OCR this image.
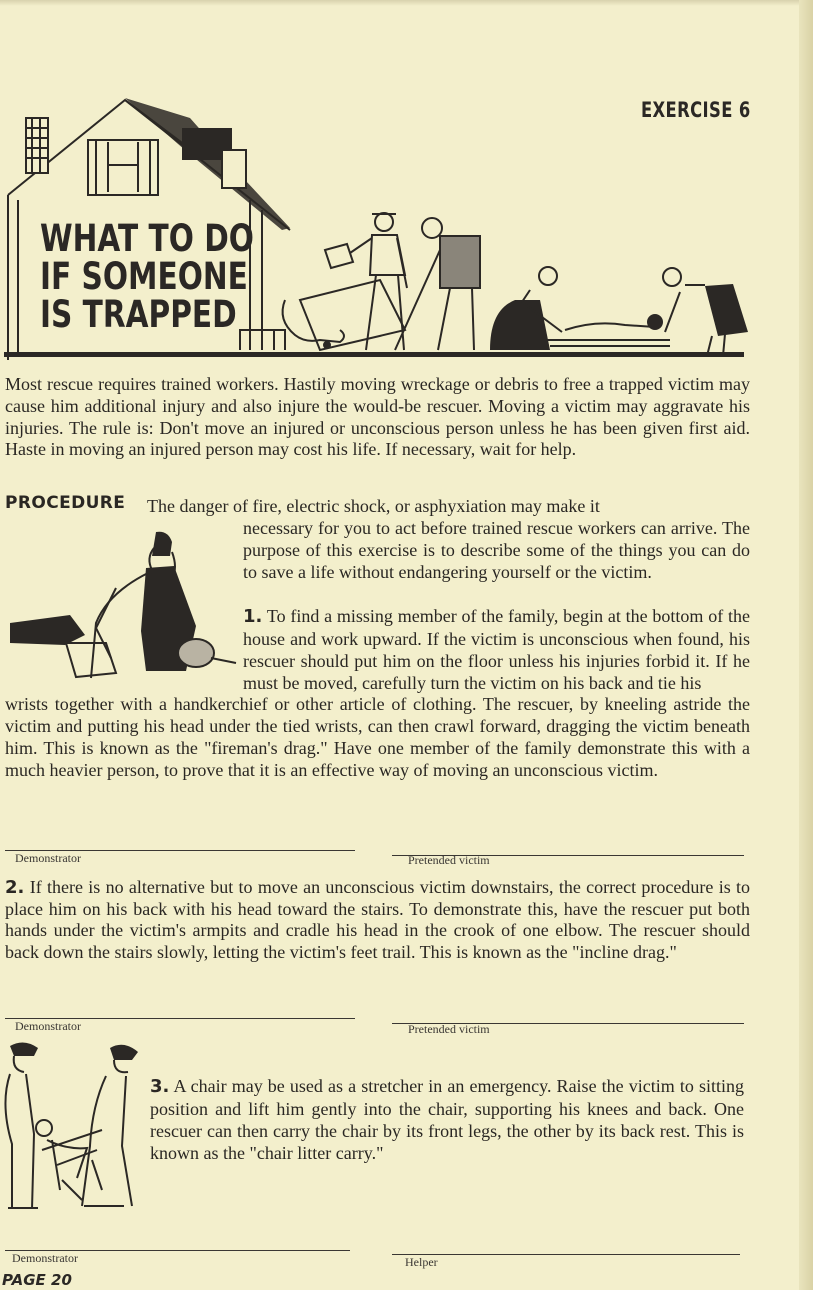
EXERCISE 6
WHAT TO DO
IF SOMEONE
IS TRAPPED

Most rescue requires trained workers. Hastily moving wreckage or debris to free a trapped victim may cause him additional injury and also injure the would-be rescuer. Moving a victim may aggravate his injuries. The rule is: Don't move an injured or unconscious person unless he has been given first aid. Haste in moving an injured person may cost his life. If necessary, wait for help.

PROCEDURE The danger of fire, electric shock, or asphyxiation may make it

necessary for you to act before trained rescue workers can arrive. The purpose of this exercise is to describe some of the things you can do to save a life without endangering yourself or the victim.

1. To find a missing member of the family, begin at the bottom of the house and work upward. If the victim is unconscious when found, his rescuer should put him on the floor unless his injuries forbid it. If he must be moved, carefully turn the victim on his back and tie his

wrists together with a handkerchief or other article of clothing. The rescuer, by kneeling astride the victim and putting his head under the tied wrists, can then crawl forward, dragging the victim beneath him. This is known as the "fireman's drag." Have one member of the family demonstrate this with a much heavier person, to prove that it is an effective way of moving an unconscious victim.

Demonstrator	Pretended victim

2. If there is no alternative but to move an unconscious victim downstairs, the correct procedure is to place him on his back with his head toward the stairs. To demonstrate this, have the rescuer put both hands under the victim's armpits and cradle his head in the crook of one elbow. The rescuer should back down the stairs slowly, letting the victim's feet trail. This is known as the "incline drag."

Demonstrator	Pretended victim

3. A chair may be used as a stretcher in an emergency. Raise the victim to sitting position and lift him gently into the chair, supporting his knees and back. One rescuer can then carry the chair by its front legs, the other by its back rest. This is known as the "chair litter carry."

Demonstrator	Helper
PAGE 20
